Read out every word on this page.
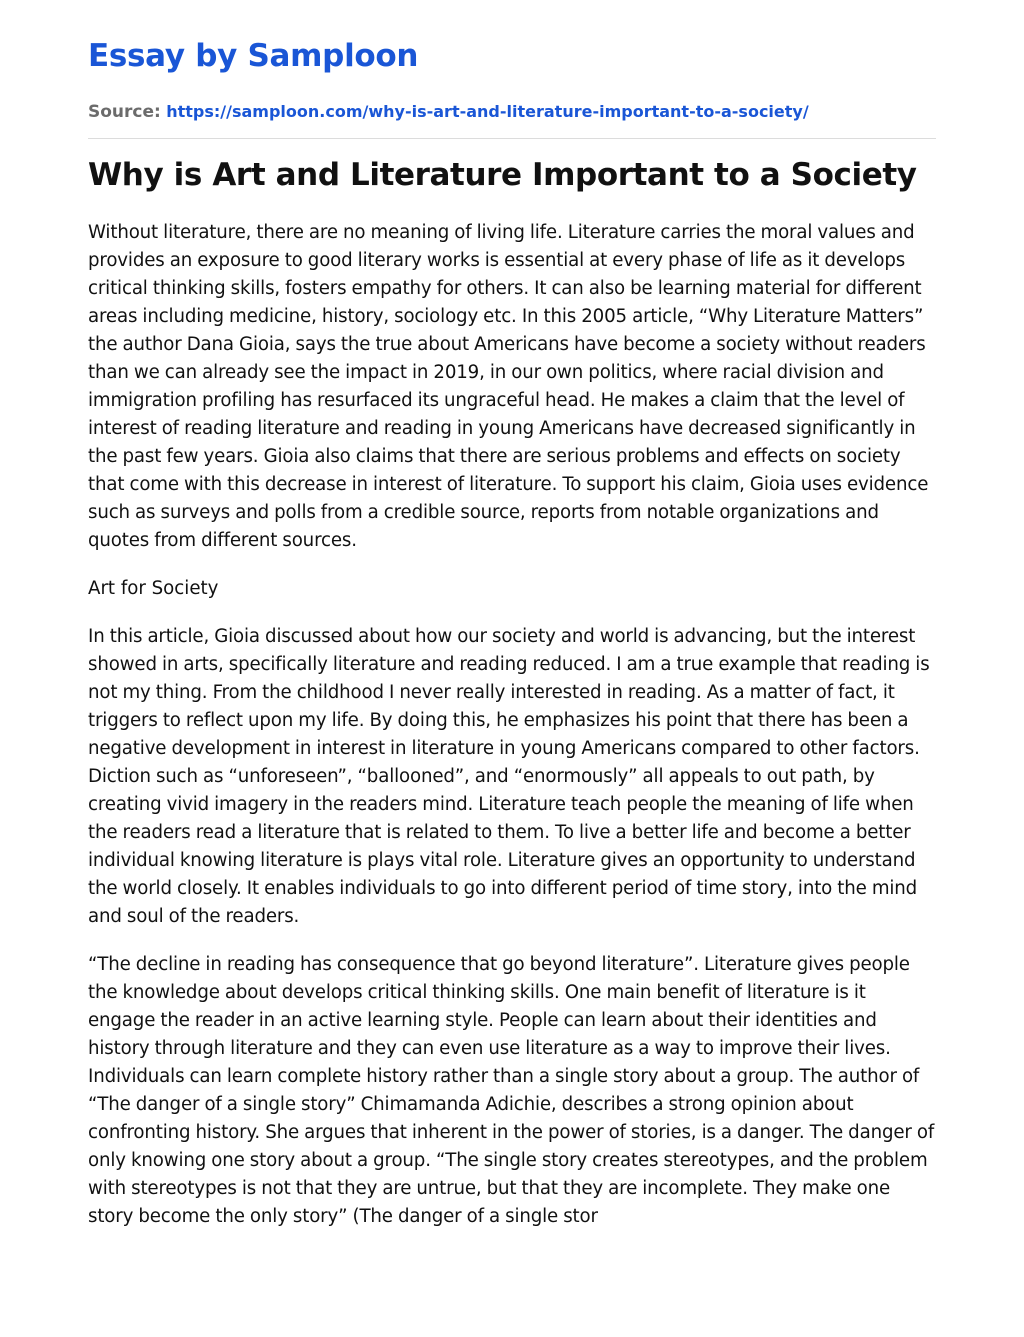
Essay by Samploon
Source: https://samploon.com/why-is-art-and-literature-important-to-a-society/
Why is Art and Literature Important to a Society

Without literature, there are no meaning of living life. Literature carries the moral values and provides an exposure to good literary works is essential at every phase of life as it develops critical thinking skills, fosters empathy for others. It can also be learning material for different areas including medicine, history, sociology etc. In this 2005 article, “Why Literature Matters” the author Dana Gioia, says the true about Americans have become a society without readers than we can already see the impact in 2019, in our own politics, where racial division and immigration profiling has resurfaced its ungraceful head. He makes a claim that the level of interest of reading literature and reading in young Americans have decreased significantly in the past few years. Gioia also claims that there are serious problems and effects on society that come with this decrease in interest of literature. To support his claim, Gioia uses evidence such as surveys and polls from a credible source, reports from notable organizations and quotes from different sources.

Art for Society

In this article, Gioia discussed about how our society and world is advancing, but the interest showed in arts, specifically literature and reading reduced. I am a true example that reading is not my thing. From the childhood I never really interested in reading. As a matter of fact, it triggers to reflect upon my life. By doing this, he emphasizes his point that there has been a negative development in interest in literature in young Americans compared to other factors. Diction such as “unforeseen”, “ballooned”, and “enormously” all appeals to out path, by creating vivid imagery in the readers mind. Literature teach people the meaning of life when the readers read a literature that is related to them. To live a better life and become a better individual knowing literature is plays vital role. Literature gives an opportunity to understand the world closely. It enables individuals to go into different period of time story, into the mind and soul of the readers.

“The decline in reading has consequence that go beyond literature”. Literature gives people the knowledge about develops critical thinking skills. One main benefit of literature is it engage the reader in an active learning style. People can learn about their identities and history through literature and they can even use literature as a way to improve their lives. Individuals can learn complete history rather than a single story about a group. The author of “The danger of a single story” Chimamanda Adichie, describes a strong opinion about confronting history. She argues that inherent in the power of stories, is a danger. The danger of only knowing one story about a group. “The single story creates stereotypes, and the problem with stereotypes is not that they are untrue, but that they are incomplete. They make one story become the only story” (The danger of a single stor
